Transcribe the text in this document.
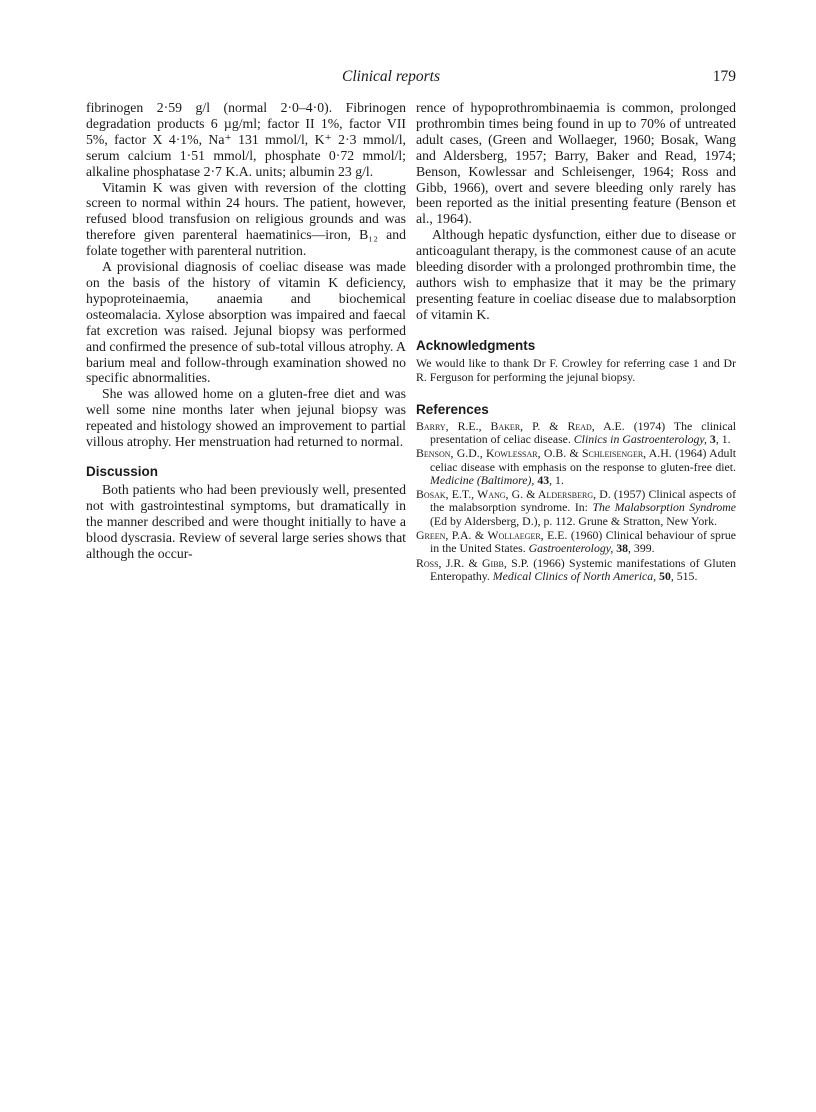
Clinical reports	179

fibrinogen 2·59 g/l (normal 2·0–4·0). Fibrinogen degradation products 6 µg/ml; factor II 1%, factor VII 5%, factor X 4·1%, Na⁺ 131 mmol/l, K⁺ 2·3 mmol/l, serum calcium 1·51 mmol/l, phosphate 0·72 mmol/l; alkaline phosphatase 2·7 K.A. units; albumin 23 g/l.

Vitamin K was given with reversion of the clotting screen to normal within 24 hours. The patient, however, refused blood transfusion on religious grounds and was therefore given parenteral haematinics—iron, B₁₂ and folate together with parenteral nutrition.

A provisional diagnosis of coeliac disease was made on the basis of the history of vitamin K deficiency, hypoproteinaemia, anaemia and biochemical osteomalacia. Xylose absorption was impaired and faecal fat excretion was raised. Jejunal biopsy was performed and confirmed the presence of sub-total villous atrophy. A barium meal and follow-through examination showed no specific abnormalities.

She was allowed home on a gluten-free diet and was well some nine months later when jejunal biopsy was repeated and histology showed an improvement to partial villous atrophy. Her menstruation had returned to normal.

Discussion

Both patients who had been previously well, presented not with gastrointestinal symptoms, but dramatically in the manner described and were thought initially to have a blood dyscrasia. Review of several large series shows that although the occur-

rence of hypoprothrombinaemia is common, prolonged prothrombin times being found in up to 70% of untreated adult cases, (Green and Wollaeger, 1960; Bosak, Wang and Aldersberg, 1957; Barry, Baker and Read, 1974; Benson, Kowlessar and Schleisenger, 1964; Ross and Gibb, 1966), overt and severe bleeding only rarely has been reported as the initial presenting feature (Benson et al., 1964).

Although hepatic dysfunction, either due to disease or anticoagulant therapy, is the commonest cause of an acute bleeding disorder with a prolonged prothrombin time, the authors wish to emphasize that it may be the primary presenting feature in coeliac disease due to malabsorption of vitamin K.

Acknowledgments

We would like to thank Dr F. Crowley for referring case 1 and Dr R. Ferguson for performing the jejunal biopsy.

References
Barry, R.E., Baker, P. & Read, A.E. (1974) The clinical presentation of celiac disease. Clinics in Gastroenterology, 3, 1.
Benson, G.D., Kowlessar, O.B. & Schleisenger, A.H. (1964) Adult celiac disease with emphasis on the response to gluten-free diet. Medicine (Baltimore), 43, 1.
Bosak, E.T., Wang, G. & Aldersberg, D. (1957) Clinical aspects of the malabsorption syndrome. In: The Malabsorption Syndrome (Ed by Aldersberg, D.), p. 112. Grune & Stratton, New York.
Green, P.A. & Wollaeger, E.E. (1960) Clinical behaviour of sprue in the United States. Gastroenterology, 38, 399.
Ross, J.R. & Gibb, S.P. (1966) Systemic manifestations of Gluten Enteropathy. Medical Clinics of North America, 50, 515.
